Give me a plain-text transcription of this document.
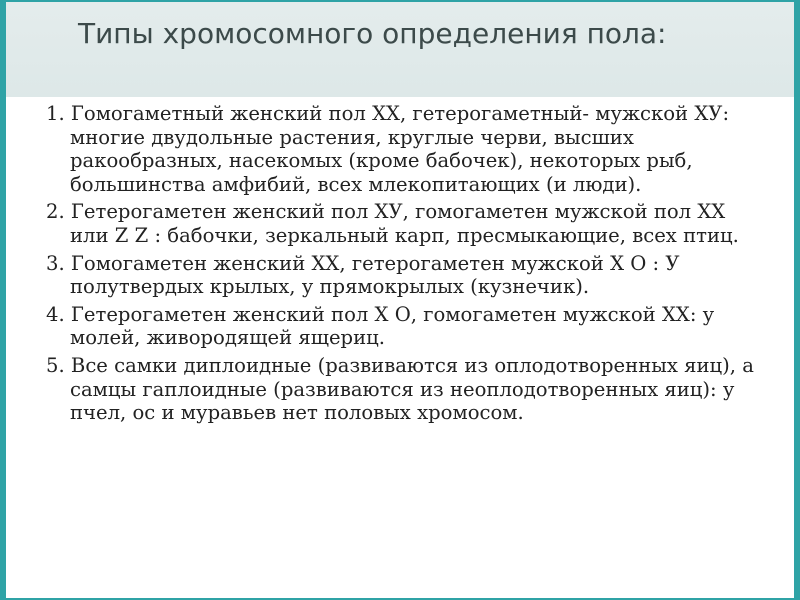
Типы хромосомного определения пола:
1. Гомогаметный женский пол ХХ, гетерогаметный- мужской ХУ: многие двудольные растения, круглые черви, высших ракообразных, насекомых (кроме бабочек), некоторых рыб, большинства амфибий, всех млекопитающих (и люди).
2. Гетерогаметен женский пол ХУ, гомогаметен мужской пол ХХ или Z Z : бабочки, зеркальный карп, пресмыкающие, всех птиц.
3. Гомогаметен женский ХХ, гетерогаметен мужской Х О : У полутвердых крылых, у прямокрылых (кузнечик).
4. Гетерогаметен женский пол Х О, гомогаметен мужской ХХ: у молей, живородящей ящериц.
5. Все самки диплоидные (развиваются из оплодотворенных яиц), а самцы гаплоидные (развиваются из неоплодотворенных яиц): у пчел, ос и муравьев нет половых хромосом.
